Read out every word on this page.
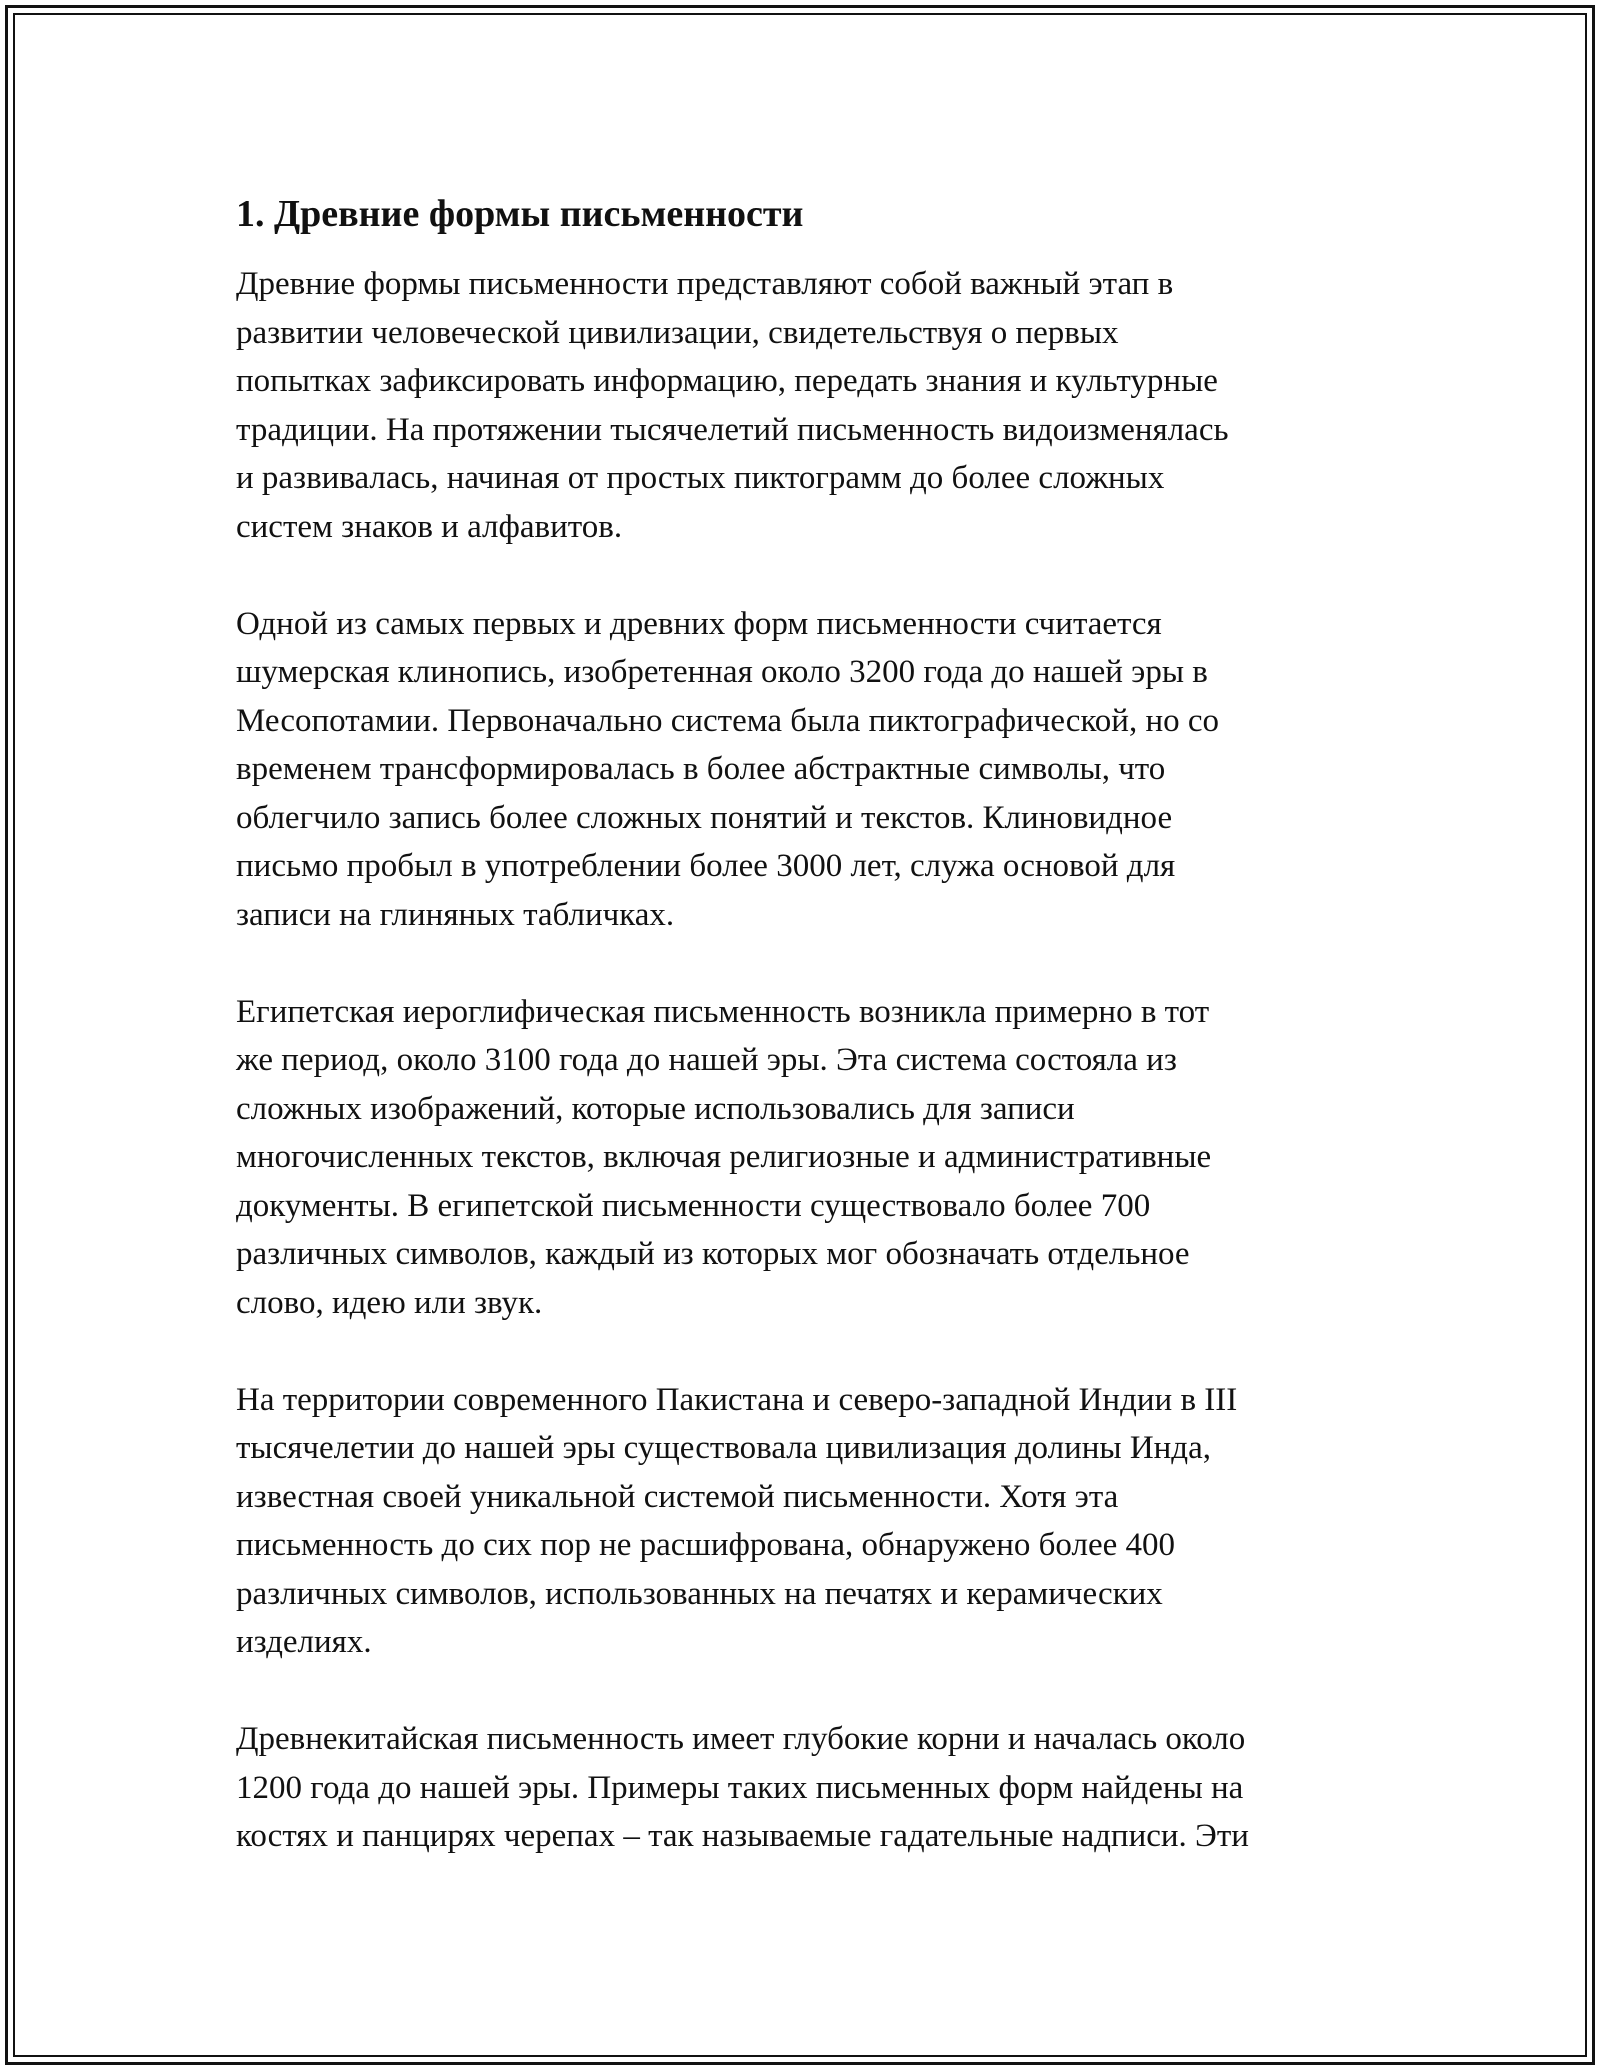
1. Древние формы письменности

Древние формы письменности представляют собой важный этап в
развитии человеческой цивилизации, свидетельствуя о первых
попытках зафиксировать информацию, передать знания и культурные
традиции. На протяжении тысячелетий письменность видоизменялась
и развивалась, начиная от простых пиктограмм до более сложных
систем знаков и алфавитов.

Одной из самых первых и древних форм письменности считается
шумерская клинопись, изобретенная около 3200 года до нашей эры в
Месопотамии. Первоначально система была пиктографической, но со
временем трансформировалась в более абстрактные символы, что
облегчило запись более сложных понятий и текстов. Клиновидное
письмо пробыл в употреблении более 3000 лет, служа основой для
записи на глиняных табличках.

Египетская иероглифическая письменность возникла примерно в тот
же период, около 3100 года до нашей эры. Эта система состояла из
сложных изображений, которые использовались для записи
многочисленных текстов, включая религиозные и административные
документы. В египетской письменности существовало более 700
различных символов, каждый из которых мог обозначать отдельное
слово, идею или звук.

На территории современного Пакистана и северо-западной Индии в III
тысячелетии до нашей эры существовала цивилизация долины Инда,
известная своей уникальной системой письменности. Хотя эта
письменность до сих пор не расшифрована, обнаружено более 400
различных символов, использованных на печатях и керамических
изделиях.

Древнекитайская письменность имеет глубокие корни и началась около
1200 года до нашей эры. Примеры таких письменных форм найдены на
костях и панцирях черепах – так называемые гадательные надписи. Эти
